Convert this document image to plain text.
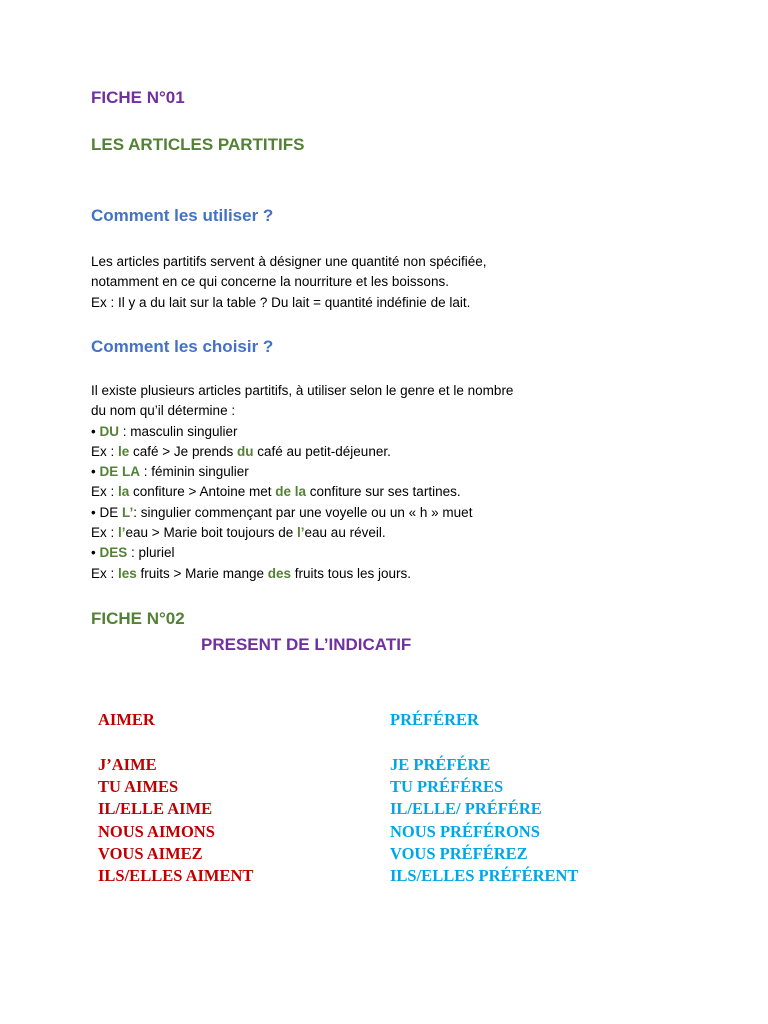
FICHE N°01
LES ARTICLES PARTITIFS
Comment les utiliser ?
Les articles partitifs servent à désigner une quantité non spécifiée,
notamment en ce qui concerne la nourriture et les boissons.
Ex : Il y a du lait sur la table ? Du lait = quantité indéfinie de lait.
Comment les choisir ?
Il existe plusieurs articles partitifs, à utiliser selon le genre et le nombre
du nom qu’il détermine :
• DU : masculin singulier
Ex : le café > Je prends du café au petit-déjeuner.
• DE LA : féminin singulier
Ex : la confiture > Antoine met de la confiture sur ses tartines.
• DE L’: singulier commençant par une voyelle ou un « h » muet
Ex : l’eau > Marie boit toujours de l’eau au réveil.
• DES : pluriel
Ex : les fruits > Marie mange des fruits tous les jours.
FICHE N°02
PRESENT DE L’INDICATIF
AIMER
J’AIME
TU AIMES
IL/ELLE AIME
NOUS AIMONS
VOUS AIMEZ
ILS/ELLES AIMENT
PRÉFÉRER
JE PRÉFÉRE
TU PRÉFÉRES
IL/ELLE/ PRÉFÉRE
NOUS PRÉFÉRONS
VOUS PRÉFÉREZ
ILS/ELLES PRÉFÉRENT
